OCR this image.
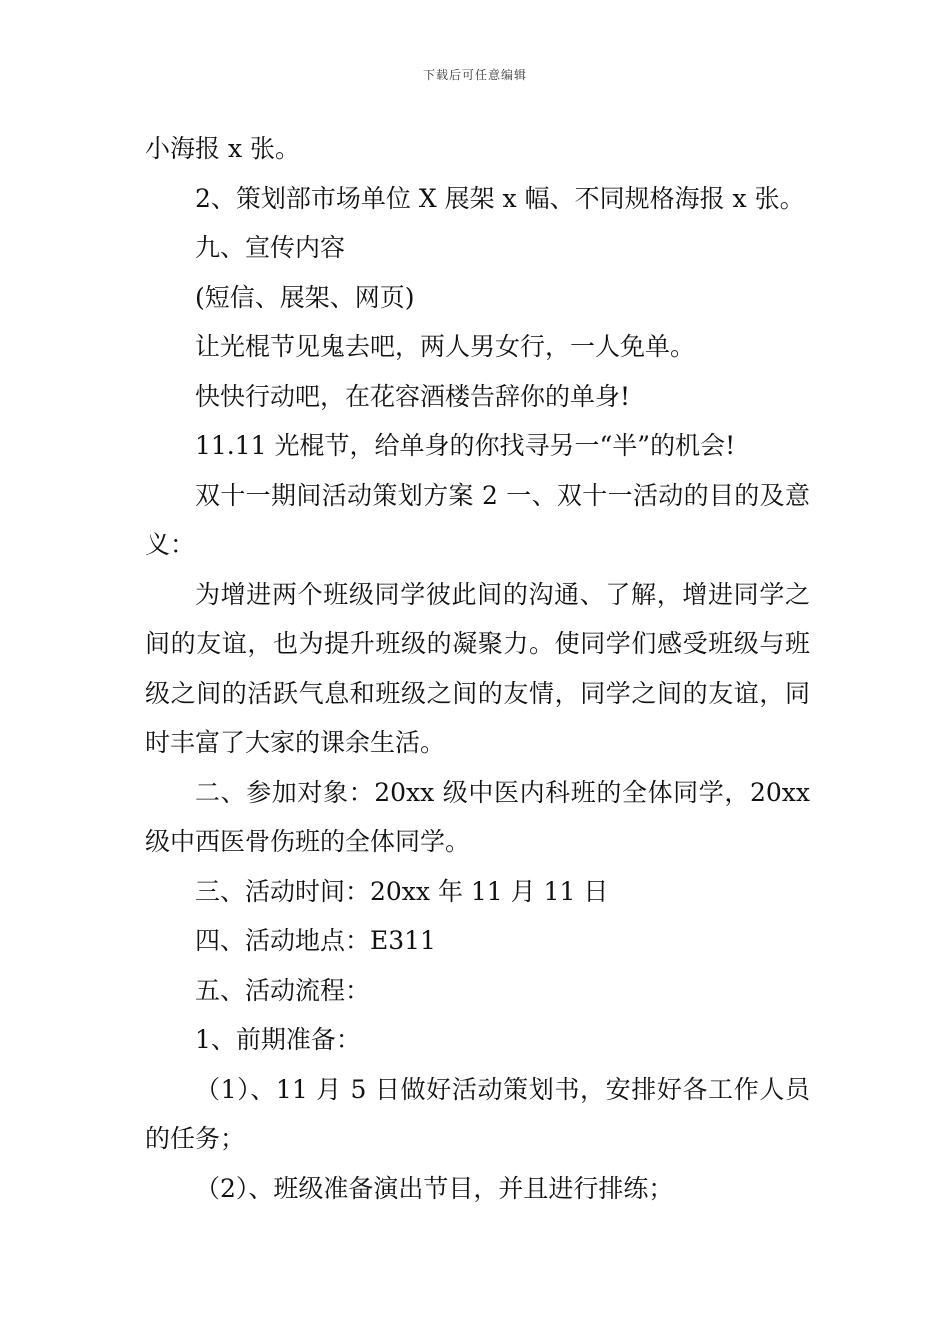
下载后可任意编辑

小海报 x 张。

2、策划部市场单位 X 展架 x 幅、不同规格海报 x 张。

九、宣传内容

(短信、展架、网页)

让光棍节见鬼去吧，两人男女行，一人免单。

快快行动吧，在花容酒楼告辞你的单身!

11.11 光棍节，给单身的你找寻另一“半”的机会!

双十一期间活动策划方案 2 一、双十一活动的目的及意义：

为增进两个班级同学彼此间的沟通、了解，增进同学之间的友谊，也为提升班级的凝聚力。使同学们感受班级与班级之间的活跃气息和班级之间的友情，同学之间的友谊，同时丰富了大家的课余生活。

二、参加对象：20xx 级中医内科班的全体同学，20xx 级中西医骨伤班的全体同学。

三、活动时间：20xx 年 11 月 11 日

四、活动地点：E311

五、活动流程：

1、前期准备：

（1）、11 月 5 日做好活动策划书，安排好各工作人员的任务；

（2）、班级准备演出节目，并且进行排练；
